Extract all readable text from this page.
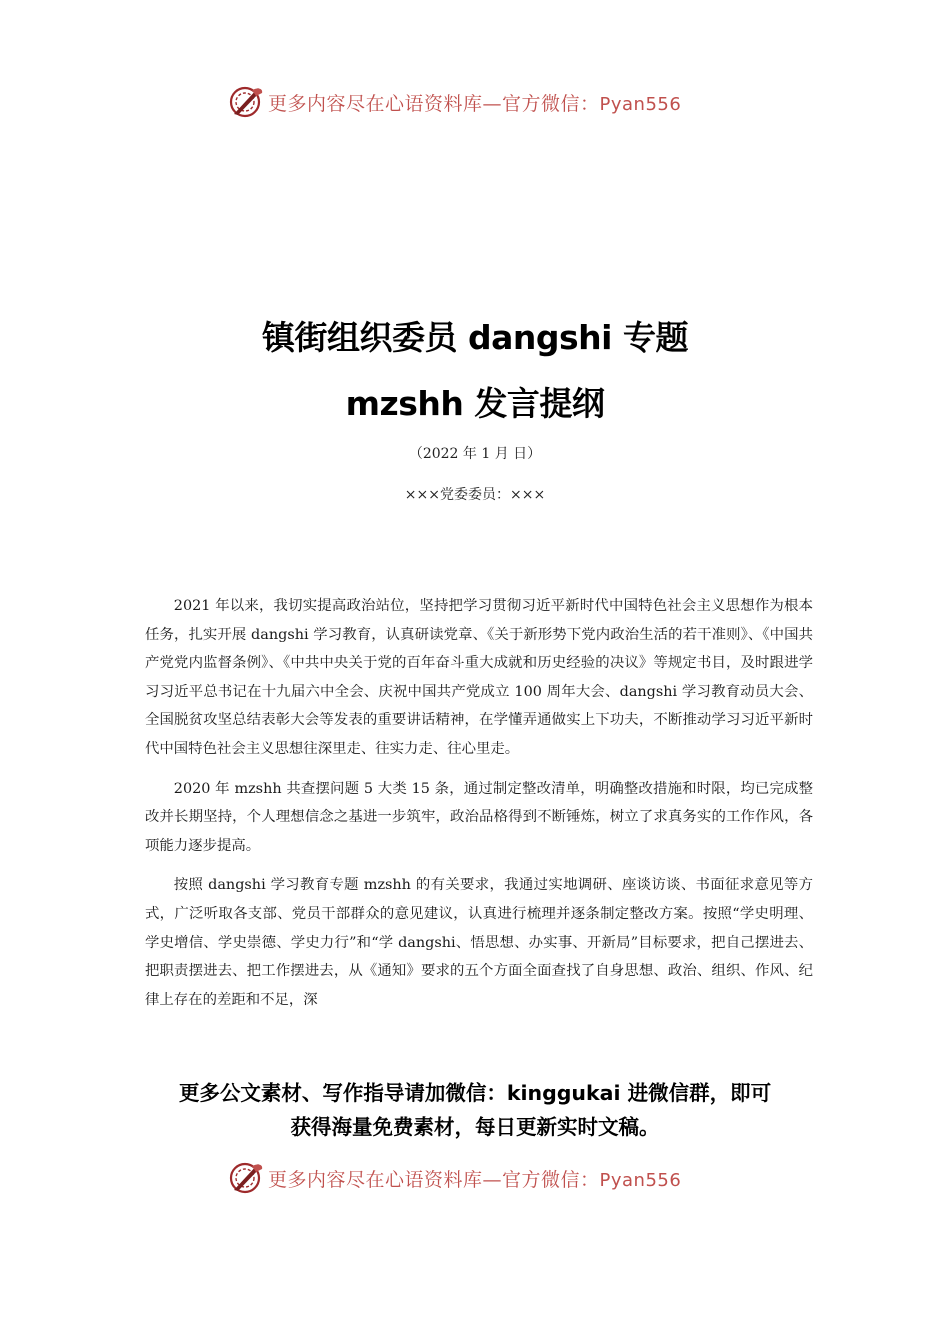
更多内容尽在心语资料库—官方微信：Pyan556
镇街组织委员 dangshi 专题
mzshh 发言提纲
（2022 年 1 月 日）
×××党委委员：×××

2021 年以来，我切实提高政治站位，坚持把学习贯彻习近平新时代中国特色社会主义思想作为根本任务，扎实开展 dangshi 学习教育，认真研读党章、《关于新形势下党内政治生活的若干准则》、《中国共产党党内监督条例》、《中共中央关于党的百年奋斗重大成就和历史经验的决议》等规定书目，及时跟进学习习近平总书记在十九届六中全会、庆祝中国共产党成立 100 周年大会、dangshi 学习教育动员大会、全国脱贫攻坚总结表彰大会等发表的重要讲话精神，在学懂弄通做实上下功夫，不断推动学习习近平新时代中国特色社会主义思想往深里走、往实力走、往心里走。

2020 年 mzshh 共查摆问题 5 大类 15 条，通过制定整改清单，明确整改措施和时限，均已完成整改并长期坚持，个人理想信念之基进一步筑牢，政治品格得到不断锤炼，树立了求真务实的工作作风，各项能力逐步提高。

按照 dangshi 学习教育专题 mzshh 的有关要求，我通过实地调研、座谈访谈、书面征求意见等方式，广泛听取各支部、党员干部群众的意见建议，认真进行梳理并逐条制定整改方案。按照“学史明理、学史增信、学史崇德、学史力行”和“学 dangshi、悟思想、办实事、开新局”目标要求，把自己摆进去、把职责摆进去、把工作摆进去，从《通知》要求的五个方面全面查找了自身思想、政治、组织、作风、纪律上存在的差距和不足，深

更多公文素材、写作指导请加微信：kinggukai 进微信群，即可
获得海量免费素材，每日更新实时文稿。
更多内容尽在心语资料库—官方微信：Pyan556
